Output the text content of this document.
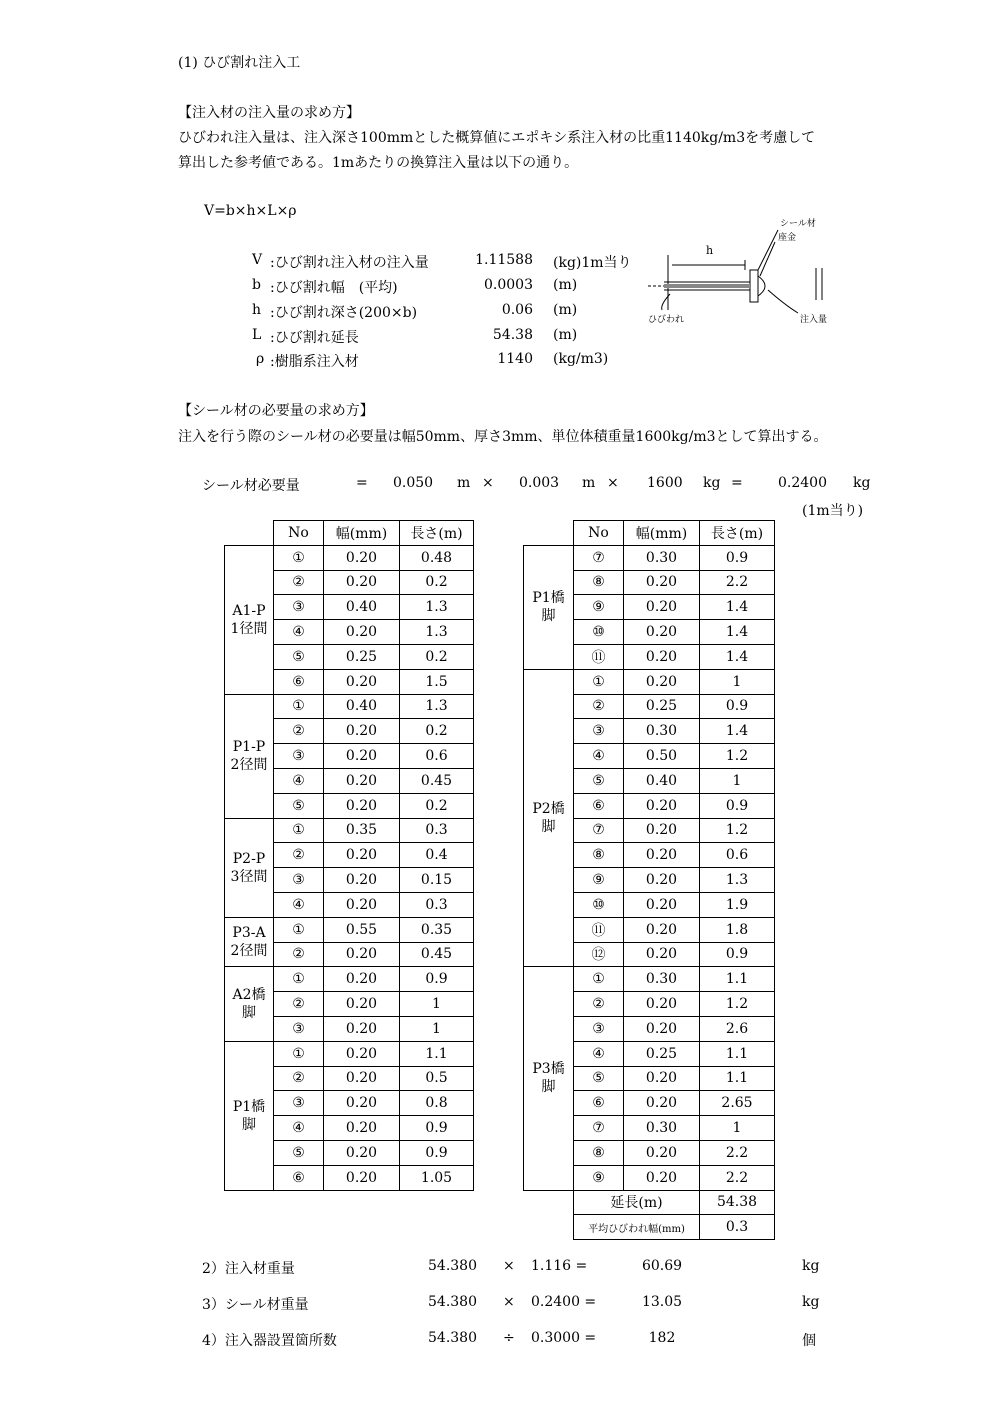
(1) ひび割れ注入工
【注入材の注入量の求め方】
ひびわれ注入量は、注入深さ100mmとした概算値にエポキシ系注入材の比重1140kg/m3を考慮して
算出した参考値である。1mあたりの換算注入量は以下の通り。
V=b×h×L×ρ
V :ひび割れ注入材の注入量	1.11588 (kg)1m当り
b :ひび割れ幅　(平均)	0.0003 (m)
h :ひび割れ深さ(200×b)	0.06 (m)
L :ひび割れ延長	54.38 (m)
ρ :樹脂系注入材	1140 (kg/m3)
シール材
座金
h
ひびわれ	注入量
【シール材の必要量の求め方】
注入を行う際のシール材の必要量は幅50mm、厚さ3mm、単位体積重量1600kg/m3として算出する。
シール材必要量	= 0.050 m × 0.003 m × 1600 kg =	0.2400 kg
(1m当り)
	No	幅(mm)	長さ(m)
A1-P
1径間	①	0.20	0.48
	②	0.20	0.2
	③	0.40	1.3
	④	0.20	1.3
	⑤	0.25	0.2
	⑥	0.20	1.5
P1-P
2径間	①	0.40	1.3
	②	0.20	0.2
	③	0.20	0.6
	④	0.20	0.45
	⑤	0.20	0.2
P2-P
3径間	①	0.35	0.3
	②	0.20	0.4
	③	0.20	0.15
	④	0.20	0.3
P3-A
2径間	①	0.55	0.35
	②	0.20	0.45
A2橋
脚	①	0.20	0.9
	②	0.20	1
	③	0.20	1
P1橋
脚	①	0.20	1.1
	②	0.20	0.5
	③	0.20	0.8
	④	0.20	0.9
	⑤	0.20	0.9
	⑥	0.20	1.05
	No	幅(mm)	長さ(m)
P1橋
脚	⑦	0.30	0.9
	⑧	0.20	2.2
	⑨	0.20	1.4
	⑩	0.20	1.4
	⑪	0.20	1.4
P2橋
脚	①	0.20	1
	②	0.25	0.9
	③	0.30	1.4
	④	0.50	1.2
	⑤	0.40	1
	⑥	0.20	0.9
	⑦	0.20	1.2
	⑧	0.20	0.6
	⑨	0.20	1.3
	⑩	0.20	1.9
	⑪	0.20	1.8
	⑫	0.20	0.9
P3橋
脚	①	0.30	1.1
	②	0.20	1.2
	③	0.20	2.6
	④	0.25	1.1
	⑤	0.20	1.1
	⑥	0.20	2.65
	⑦	0.30	1
	⑧	0.20	2.2
	⑨	0.20	2.2
	延長(m)		54.38
	平均ひびわれ幅(mm)		0.3
2）注入材重量	54.380 × 1.116 =	60.69	kg
3）シール材重量	54.380 × 0.2400 =	13.05	kg
4）注入器設置箇所数	54.380 ÷ 0.3000 =	182	個
